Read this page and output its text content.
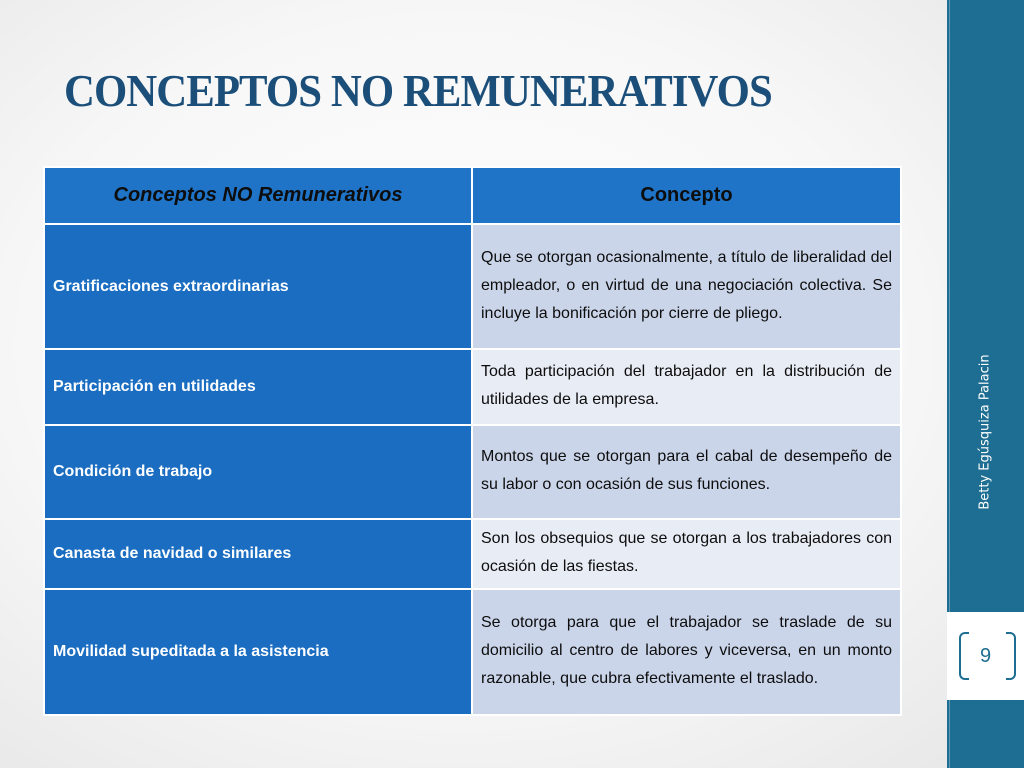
CONCEPTOS NO REMUNERATIVOS
Conceptos NO Remunerativos	Concepto
Gratificaciones extraordinarias	Que se otorgan ocasionalmente, a título de liberalidad del empleador, o en virtud de una negociación colectiva. Se incluye la bonificación por cierre de pliego.
Participación en utilidades	Toda participación del trabajador en la distribución de utilidades de la empresa.
Condición de trabajo	Montos que se otorgan para el cabal de desempeño de su labor o con ocasión de sus funciones.
Canasta de navidad o similares	Son los obsequios que se otorgan a los trabajadores con ocasión de las fiestas.
Movilidad supeditada a la asistencia	Se otorga para que el trabajador se traslade de su domicilio al centro de labores y viceversa, en un monto razonable, que cubra efectivamente el traslado.
Betty Egúsquiza Palacin
9
